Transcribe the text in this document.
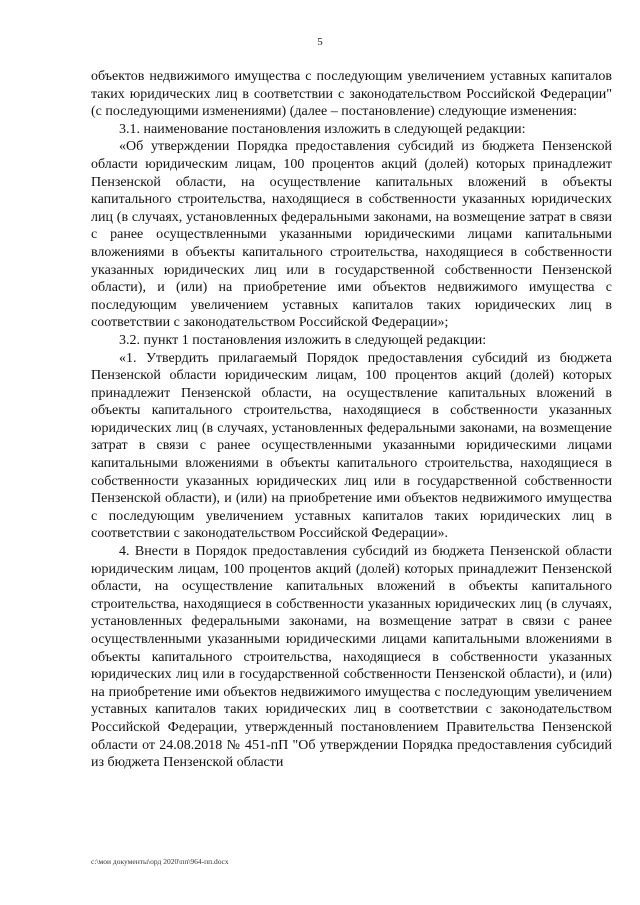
5

объектов недвижимого имущества с последующим увеличением уставных капиталов таких юридических лиц в соответствии с законодательством Российской Федерации" (с последующими изменениями) (далее – постановление) следующие изменения:

3.1. наименование постановления изложить в следующей редакции:

«Об утверждении Порядка предоставления субсидий из бюджета Пензенской области юридическим лицам, 100 процентов акций (долей) которых принадлежит Пензенской области, на осуществление капитальных вложений в объекты капитального строительства, находящиеся в собственности указанных юридических лиц (в случаях, установленных федеральными законами, на возмещение затрат в связи с ранее осуществленными указанными юридическими лицами капитальными вложениями в объекты капитального строительства, находящиеся в собственности указанных юридических лиц или в государственной собственности Пензенской области), и (или) на приобретение ими объектов недвижимого имущества с последующим увеличением уставных капиталов таких юридических лиц в соответствии с законодательством Российской Федерации»;

3.2. пункт 1 постановления изложить в следующей редакции:

«1. Утвердить прилагаемый Порядок предоставления субсидий из бюджета Пензенской области юридическим лицам, 100 процентов акций (долей) которых принадлежит Пензенской области, на осуществление капитальных вложений в объекты капитального строительства, находящиеся в собственности указанных юридических лиц (в случаях, установленных федеральными законами, на возмещение затрат в связи с ранее осуществленными указанными юридическими лицами капитальными вложениями в объекты капитального строительства, находящиеся в собственности указанных юридических лиц или в государственной собственности Пензенской области), и (или) на приобретение ими объектов недвижимого имущества с последующим увеличением уставных капиталов таких юридических лиц в соответствии с законодательством Российской Федерации».

4. Внести в Порядок предоставления субсидий из бюджета Пензенской области юридическим лицам, 100 процентов акций (долей) которых принадлежит Пензенской области, на осуществление капитальных вложений в объекты капитального строительства, находящиеся в собственности указанных юридических лиц (в случаях, установленных федеральными законами, на возмещение затрат в связи с ранее осуществленными указанными юридическими лицами капитальными вложениями в объекты капитального строительства, находящиеся в собственности указанных юридических лиц или в государственной собственности Пензенской области), и (или) на приобретение ими объектов недвижимого имущества с последующим увеличением уставных капиталов таких юридических лиц в соответствии с законодательством Российской Федерации, утвержденный постановлением Правительства Пензенской области от 24.08.2018 № 451-пП "Об утверждении Порядка предоставления субсидий из бюджета Пензенской области

c:\мои документы\орд 2020\пп\964-пп.docx
